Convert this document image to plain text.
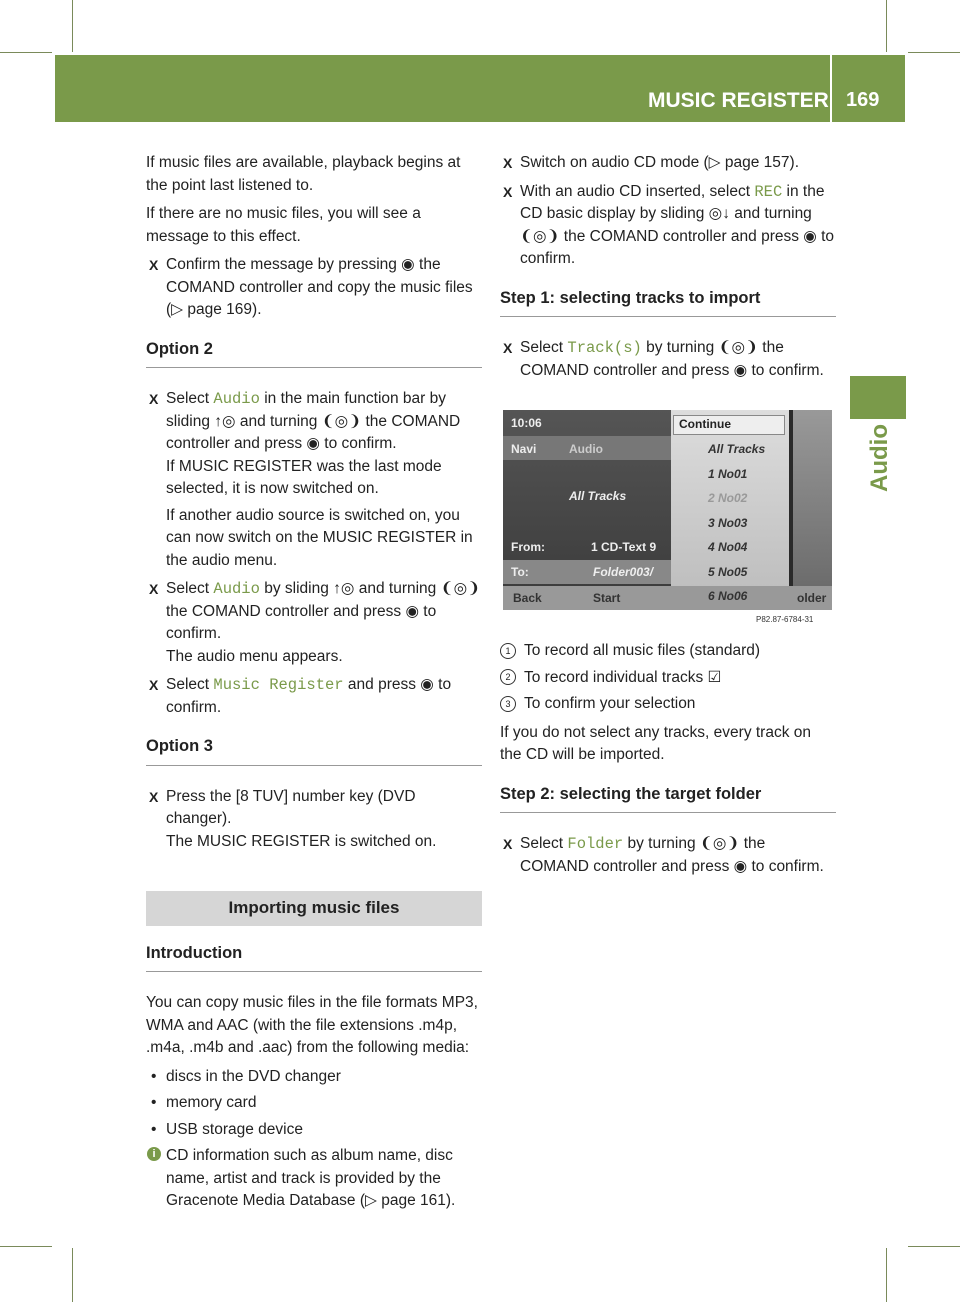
MUSIC REGISTER 169
Audio

If music files are available, playback begins at the point last listened to.

If there are no music files, you will see a message to this effect.

X Confirm the message by pressing ◉ the COMAND controller and copy the music files (▷ page 169).
Option 2
X Select Audio in the main function bar by sliding ↑◎ and turning ❨◎❩ the COMAND controller and press ◉ to confirm.
If MUSIC REGISTER was the last mode selected, it is now switched on.
If another audio source is switched on, you can now switch on the MUSIC REGISTER in the audio menu.
X Select Audio by sliding ↑◎ and turning ❨◎❩ the COMAND controller and press ◉ to confirm.
The audio menu appears.
X Select Music Register and press ◉ to confirm.
Option 3
X Press the [8 TUV] number key (DVD changer).
The MUSIC REGISTER is switched on.
Importing music files
Introduction

You can copy music files in the file formats MP3, WMA and AAC (with the file extensions .m4p, .m4a, .m4b and .aac) from the following media:

• discs in the DVD changer
• memory card
• USB storage device
i CD information such as album name, disc name, artist and track is provided by the Gracenote Media Database (▷ page 161).
X Switch on audio CD mode (▷ page 157).
X With an audio CD inserted, select REC in the CD basic display by sliding ◎↓ and turning ❨◎❩ the COMAND controller and press ◉ to confirm.
Step 1: selecting tracks to import
X Select Track(s) by turning ❨◎❩ the COMAND controller and press ◉ to confirm.
10:06	Continue
Navi	Audio
All Tracks
From:	1 CD-Text 9
To:	Folder003/
Back	Start	older
All Tracks
1 No01
2 No02
3 No03
4 No04
5 No05
6 No06
P82.87-6784-31
1 To record all music files (standard)
2 To record individual tracks ☑
3 To confirm your selection

If you do not select any tracks, every track on the CD will be imported.

Step 2: selecting the target folder
X Select Folder by turning ❨◎❩ the COMAND controller and press ◉ to confirm.
